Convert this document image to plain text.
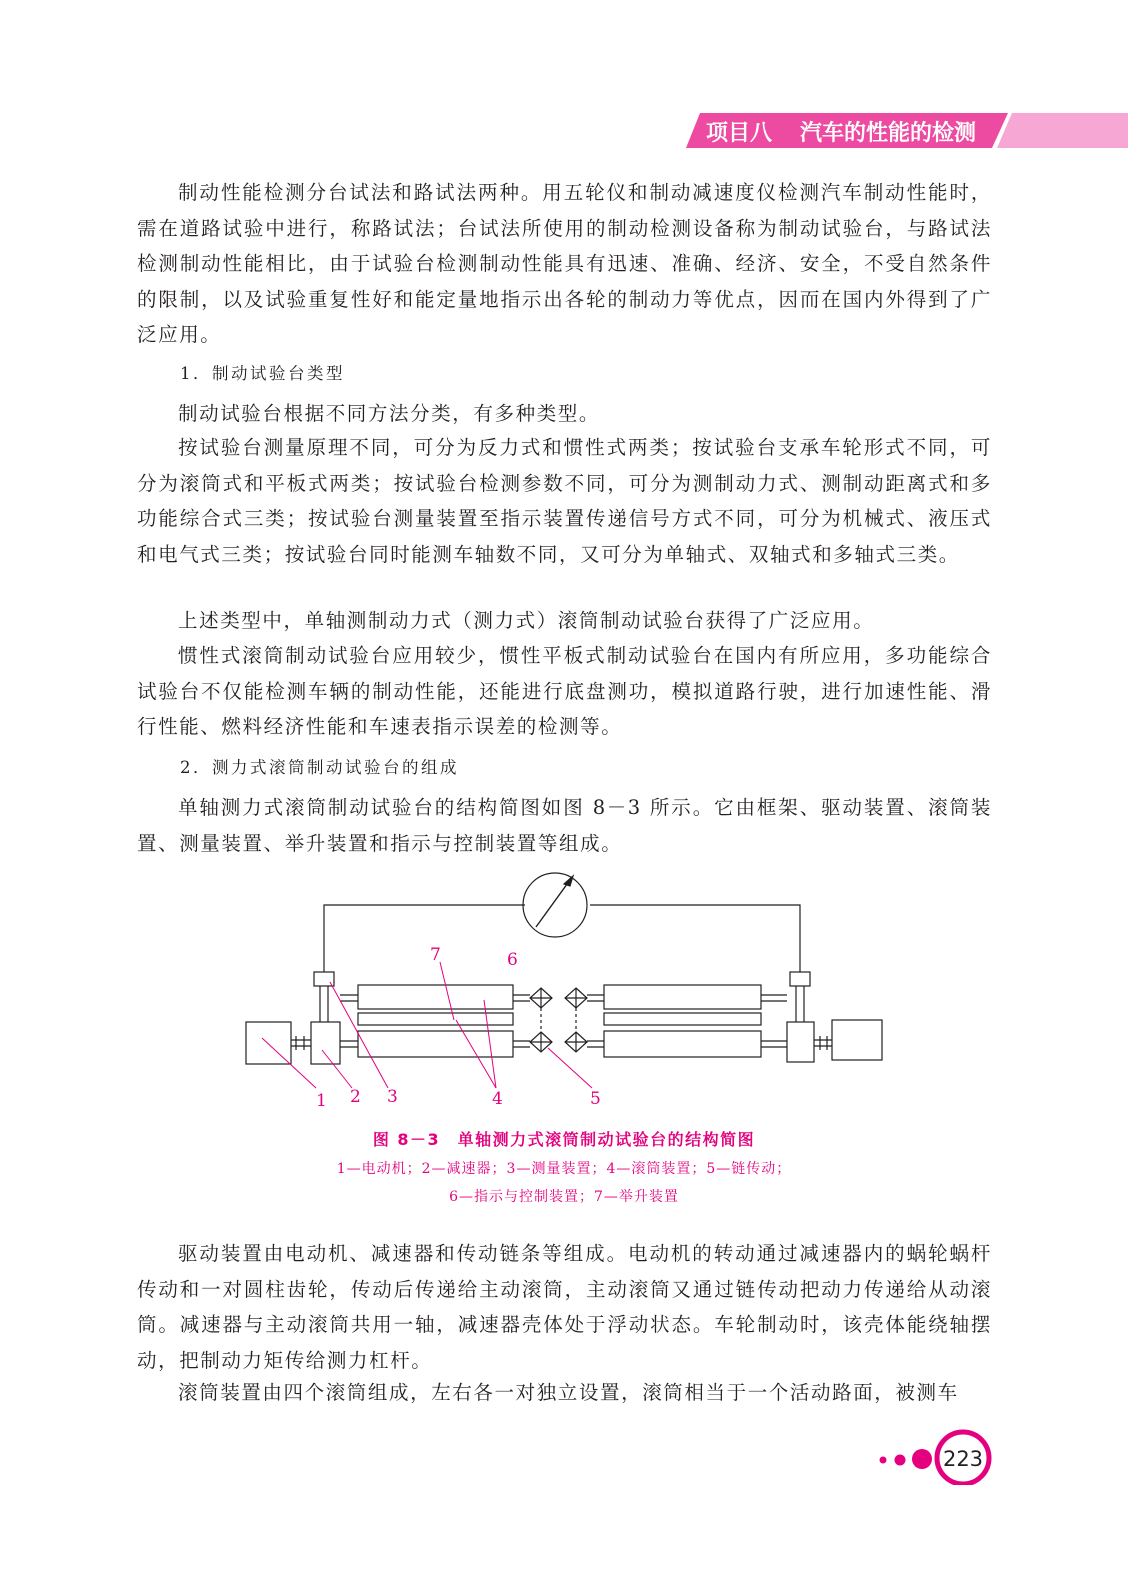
项目八 汽车的性能的检测

制动性能检测分台试法和路试法两种。用五轮仪和制动减速度仪检测汽车制动性能时，需在道路试验中进行，称路试法；台试法所使用的制动检测设备称为制动试验台，与路试法检测制动性能相比，由于试验台检测制动性能具有迅速、准确、经济、安全，不受自然条件的限制，以及试验重复性好和能定量地指示出各轮的制动力等优点，因而在国内外得到了广泛应用。

1．制动试验台类型

制动试验台根据不同方法分类，有多种类型。

按试验台测量原理不同，可分为反力式和惯性式两类；按试验台支承车轮形式不同，可分为滚筒式和平板式两类；按试验台检测参数不同，可分为测制动力式、测制动距离式和多功能综合式三类；按试验台测量装置至指示装置传递信号方式不同，可分为机械式、液压式和电气式三类；按试验台同时能测车轴数不同，又可分为单轴式、双轴式和多轴式三类。

上述类型中，单轴测制动力式（测力式）滚筒制动试验台获得了广泛应用。

惯性式滚筒制动试验台应用较少，惯性平板式制动试验台在国内有所应用，多功能综合试验台不仅能检测车辆的制动性能，还能进行底盘测功，模拟道路行驶，进行加速性能、滑行性能、燃料经济性能和车速表指示误差的检测等。

2．测力式滚筒制动试验台的组成

单轴测力式滚筒制动试验台的结构简图如图 8－3 所示。它由框架、驱动装置、滚筒装置、测量装置、举升装置和指示与控制装置等组成。

1 2 3	4	5
6
7

图 8－3　单轴测力式滚筒制动试验台的结构简图

1—电动机；2—减速器；3—测量装置；4—滚筒装置；5—链传动；

6—指示与控制装置；7—举升装置

驱动装置由电动机、减速器和传动链条等组成。电动机的转动通过减速器内的蜗轮蜗杆传动和一对圆柱齿轮，传动后传递给主动滚筒，主动滚筒又通过链传动把动力传递给从动滚筒。减速器与主动滚筒共用一轴，减速器壳体处于浮动状态。车轮制动时，该壳体能绕轴摆动，把制动力矩传给测力杠杆。

滚筒装置由四个滚筒组成，左右各一对独立设置，滚筒相当于一个活动路面，被测车

223
